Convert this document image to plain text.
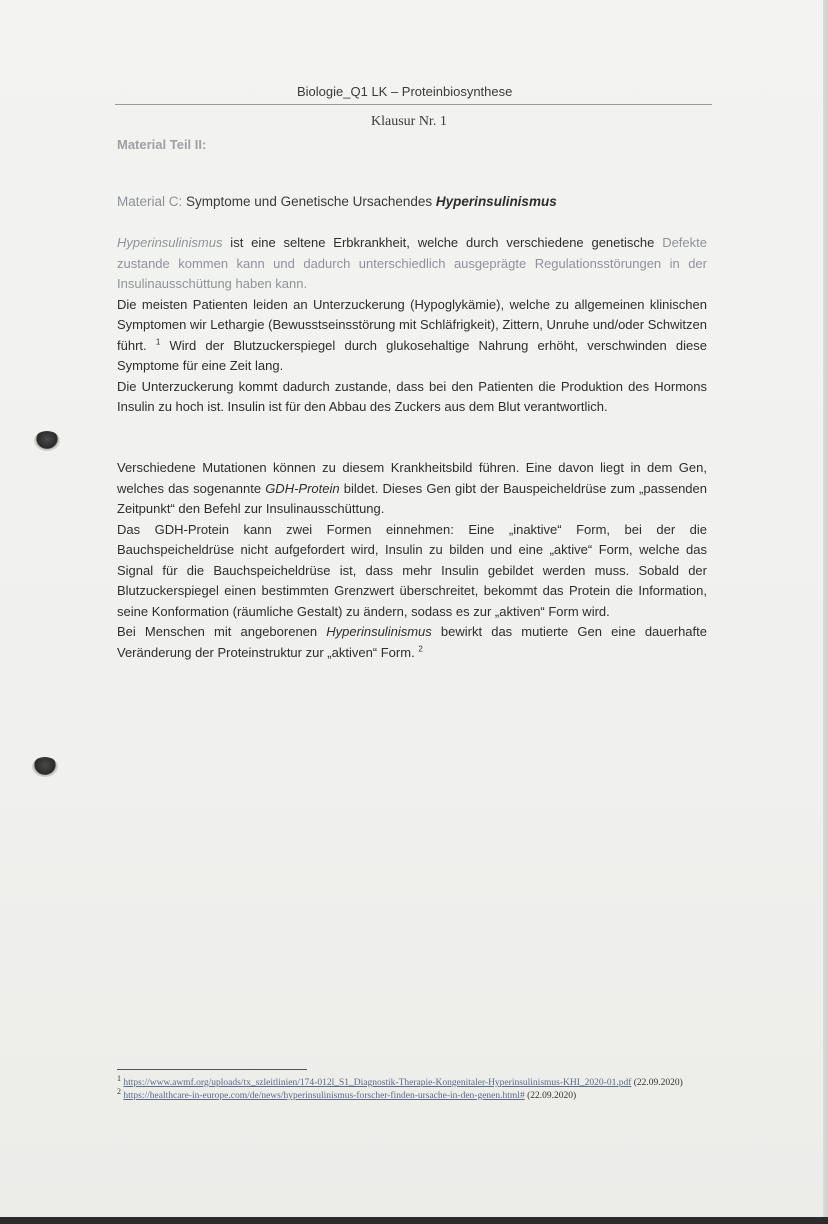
Biologie_Q1 LK – Proteinbiosynthese
Klausur Nr. 1
Material Teil II:
Material C: Symptome und Genetische Ursachendes Hyperinsulinismus

Hyperinsulinismus ist eine seltene Erbkrankheit, welche durch verschiedene genetische Defekte zustande kommen kann und dadurch unterschiedlich ausgeprägte Regulationsstörungen in der Insulinausschüttung haben kann.

Die meisten Patienten leiden an Unterzuckerung (Hypoglykämie), welche zu allgemeinen klinischen Symptomen wir Lethargie (Bewusstseinsstörung mit Schläfrigkeit), Zittern, Unruhe und/oder Schwitzen führt. $^1$ Wird der Blutzuckerspiegel durch glukosehaltige Nahrung erhöht, verschwinden diese Symptome für eine Zeit lang.

Die Unterzuckerung kommt dadurch zustande, dass bei den Patienten die Produktion des Hormons Insulin zu hoch ist. Insulin ist für den Abbau des Zuckers aus dem Blut verantwortlich.

Verschiedene Mutationen können zu diesem Krankheitsbild führen. Eine davon liegt in dem Gen, welches das sogenannte GDH-Protein bildet. Dieses Gen gibt der Bauspeicheldrüse zum „passenden Zeitpunkt“ den Befehl zur Insulinausschüttung.

Das GDH-Protein kann zwei Formen einnehmen: Eine „inaktive“ Form, bei der die Bauchspeicheldrüse nicht aufgefordert wird, Insulin zu bilden und eine „aktive“ Form, welche das Signal für die Bauchspeicheldrüse ist, dass mehr Insulin gebildet werden muss. Sobald der Blutzuckerspiegel einen bestimmten Grenzwert überschreitet, bekommt das Protein die Information, seine Konformation (räumliche Gestalt) zu ändern, sodass es zur „aktiven“ Form wird.

Bei Menschen mit angeborenen Hyperinsulinismus bewirkt das mutierte Gen eine dauerhafte Veränderung der Proteinstruktur zur „aktiven“ Form. $^2$

$^1$ https://www.awmf.org/uploads/tx_szleitlinien/174-012l_S1_Diagnostik-Therapie-Kongenitaler-Hyperinsulinismus-KHI_2020-01.pdf (22.09.2020)

$^2$ https://healthcare-in-europe.com/de/news/hyperinsulinismus-forscher-finden-ursache-in-den-genen.html# (22.09.2020)
